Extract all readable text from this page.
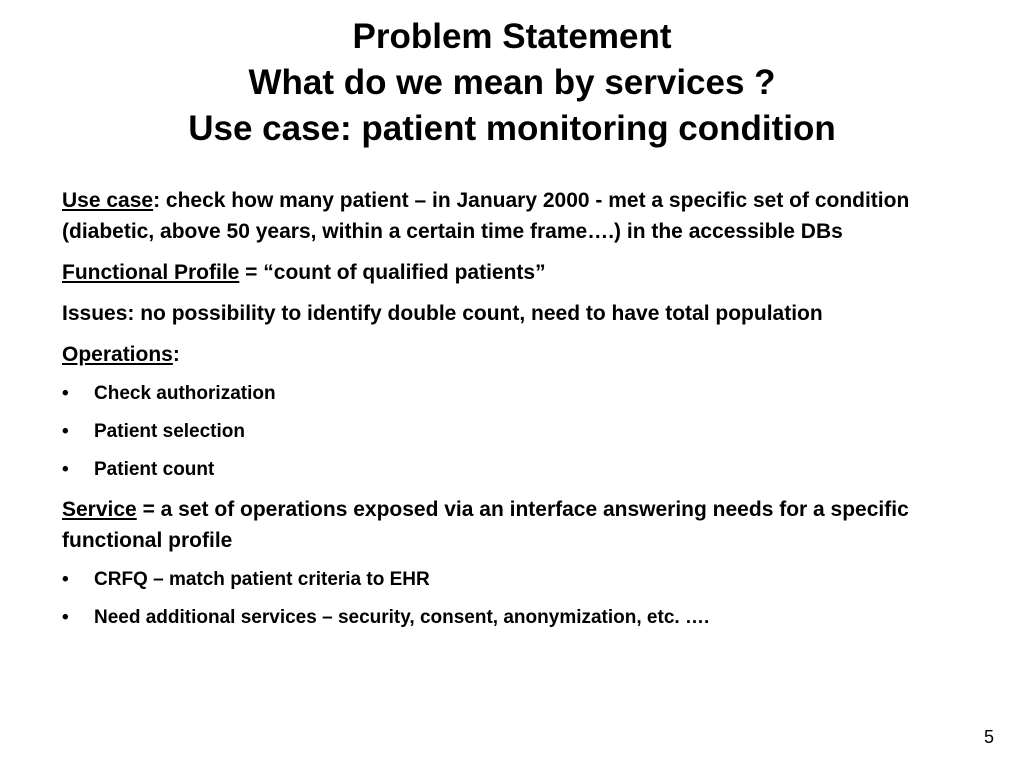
Problem Statement
What do we mean by services ?
Use case: patient monitoring condition

Use case: check how many patient – in January 2000 - met a specific set of condition (diabetic, above 50 years, within a certain time frame….) in the accessible DBs

Functional Profile = “count of qualified patients”

Issues: no possibility to identify double count, need to have total population

Operations:

• Check authorization
• Patient selection
• Patient count

Service = a set of operations exposed via an interface answering needs for a specific functional profile

• CRFQ – match patient criteria to EHR
• Need additional services – security, consent, anonymization, etc. ….
5
